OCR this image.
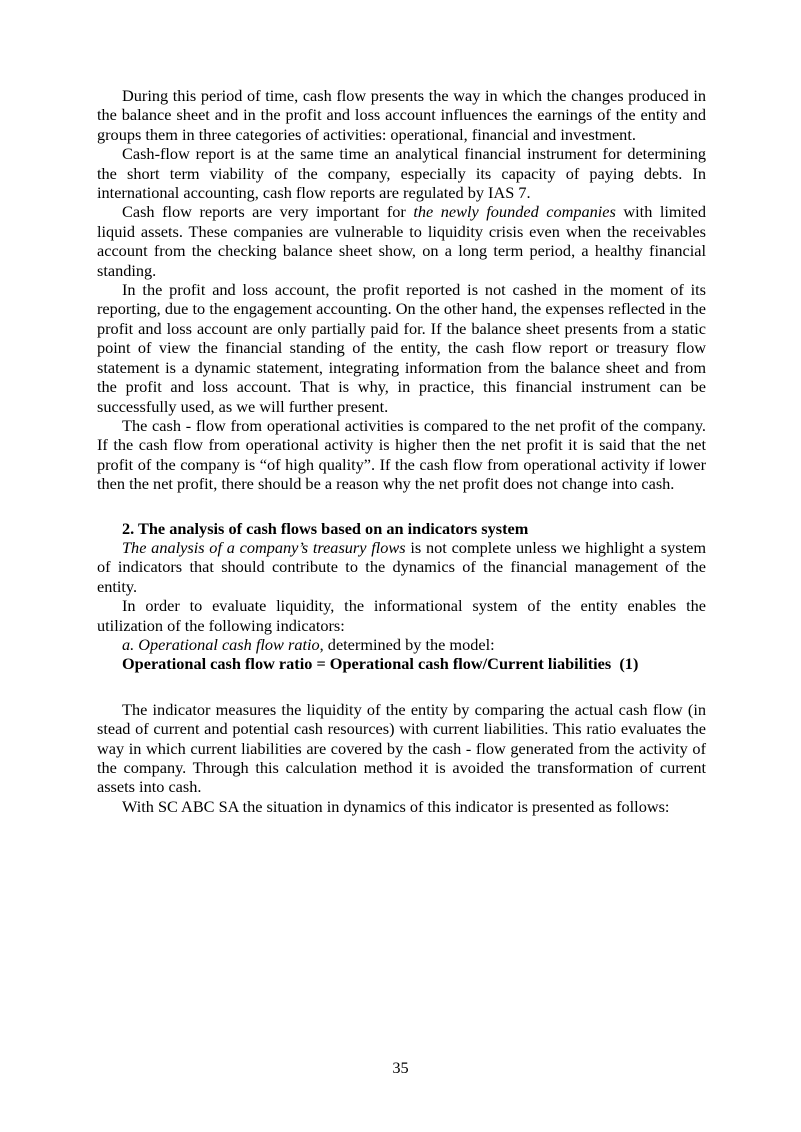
During this period of time, cash flow presents the way in which the changes produced in the balance sheet and in the profit and loss account influences the earnings of the entity and groups them in three categories of activities: operational, financial and investment.

Cash-flow report is at the same time an analytical financial instrument for determining the short term viability of the company, especially its capacity of paying debts. In international accounting, cash flow reports are regulated by IAS 7.

Cash flow reports are very important for the newly founded companies with limited liquid assets. These companies are vulnerable to liquidity crisis even when the receivables account from the checking balance sheet show, on a long term period, a healthy financial standing.

In the profit and loss account, the profit reported is not cashed in the moment of its reporting, due to the engagement accounting. On the other hand, the expenses reflected in the profit and loss account are only partially paid for. If the balance sheet presents from a static point of view the financial standing of the entity, the cash flow report or treasury flow statement is a dynamic statement, integrating information from the balance sheet and from the profit and loss account. That is why, in practice, this financial instrument can be successfully used, as we will further present.

The cash - flow from operational activities is compared to the net profit of the company. If the cash flow from operational activity is higher then the net profit it is said that the net profit of the company is “of high quality”. If the cash flow from operational activity if lower then the net profit, there should be a reason why the net profit does not change into cash.

2. The analysis of cash flows based on an indicators system

The analysis of a company’s treasury flows is not complete unless we highlight a system of indicators that should contribute to the dynamics of the financial management of the entity.

In order to evaluate liquidity, the informational system of the entity enables the utilization of the following indicators:

a. Operational cash flow ratio, determined by the model:

Operational cash flow ratio = Operational cash flow/Current liabilities  (1)

The indicator measures the liquidity of the entity by comparing the actual cash flow (in stead of current and potential cash resources) with current liabilities. This ratio evaluates the way in which current liabilities are covered by the cash - flow generated from the activity of the company. Through this calculation method it is avoided the transformation of current assets into cash.

With SC ABC SA the situation in dynamics of this indicator is presented as follows:

35
